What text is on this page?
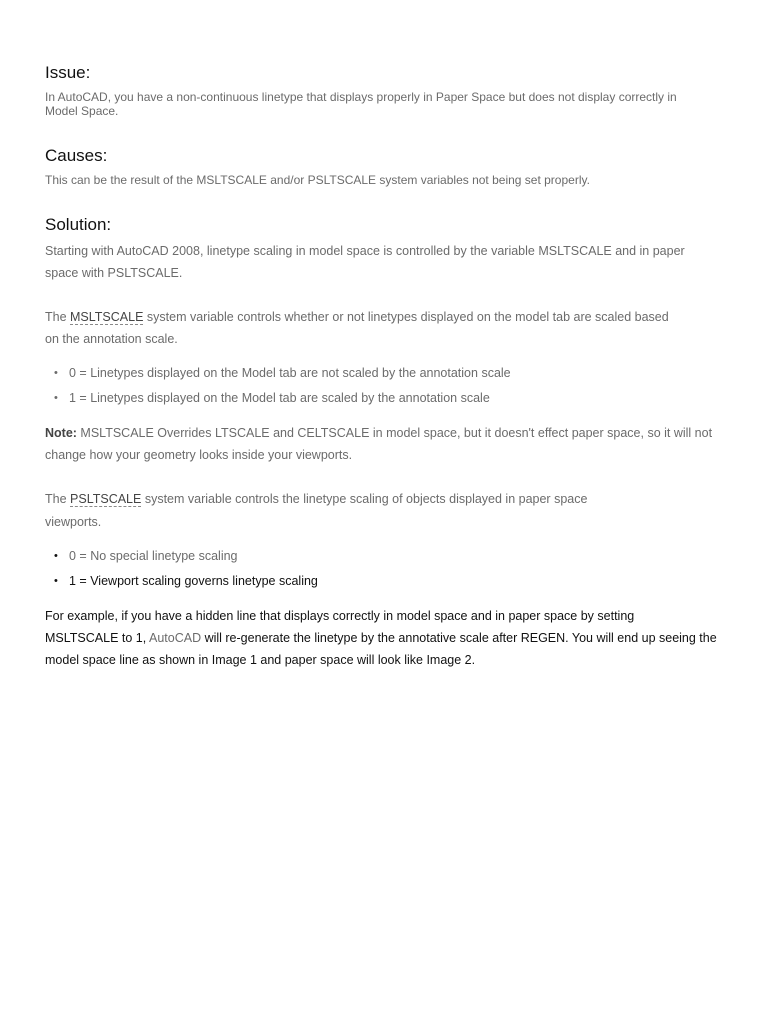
Issue:

In AutoCAD, you have a non-continuous linetype that displays properly in Paper Space but does not display correctly in

Model Space.

Causes:

This can be the result of the MSLTSCALE and/or PSLTSCALE system variables not being set properly.

Solution:

Starting with AutoCAD 2008, linetype scaling in model space is controlled by the variable MSLTSCALE and in paper

space with PSLTSCALE.

The MSLTSCALE system variable controls whether or not linetypes displayed on the model tab are scaled based

on the annotation scale.

• 0 = Linetypes displayed on the Model tab are not scaled by the annotation scale
• 1 = Linetypes displayed on the Model tab are scaled by the annotation scale

Note: MSLTSCALE Overrides LTSCALE and CELTSCALE in model space, but it doesn't effect paper space, so it will not

change how your geometry looks inside your viewports.

The PSLTSCALE system variable controls the linetype scaling of objects displayed in paper space

viewports.

• 0 = No special linetype scaling
• 1 = Viewport scaling governs linetype scaling

For example, if you have a hidden line that displays correctly in model space and in paper space by setting

MSLTSCALE to 1, AutoCAD will re-generate the linetype by the annotative scale after REGEN. You will end up seeing the

model space line as shown in Image 1 and paper space will look like Image 2.
